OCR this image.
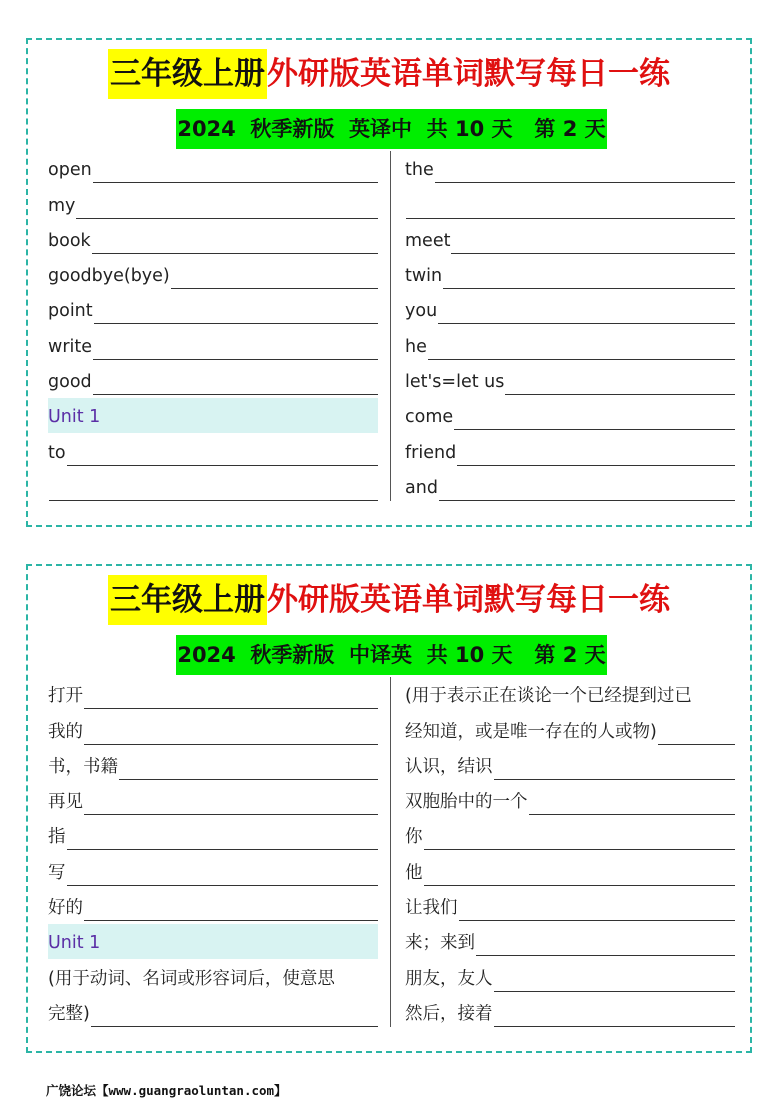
三年级上册外研版英语单词默写每日一练
2024  秋季新版  英译中  共 10 天   第 2 天
open
my
book
goodbye(bye)
point
write
good
Unit 1
to
the
meet
twin
you
he
let's=let us
come
friend
and
三年级上册外研版英语单词默写每日一练
2024  秋季新版  中译英  共 10 天   第 2 天
打开
我的
书，书籍
再见
指
写
好的
Unit 1
(用于动词、名词或形容词后，使意思
完整)
(用于表示正在谈论一个已经提到过已
经知道，或是唯一存在的人或物)
认识，结识
双胞胎中的一个
你
他
让我们
来；来到
朋友，友人
然后，接着
广饶论坛【www.guangraoluntan.com】
